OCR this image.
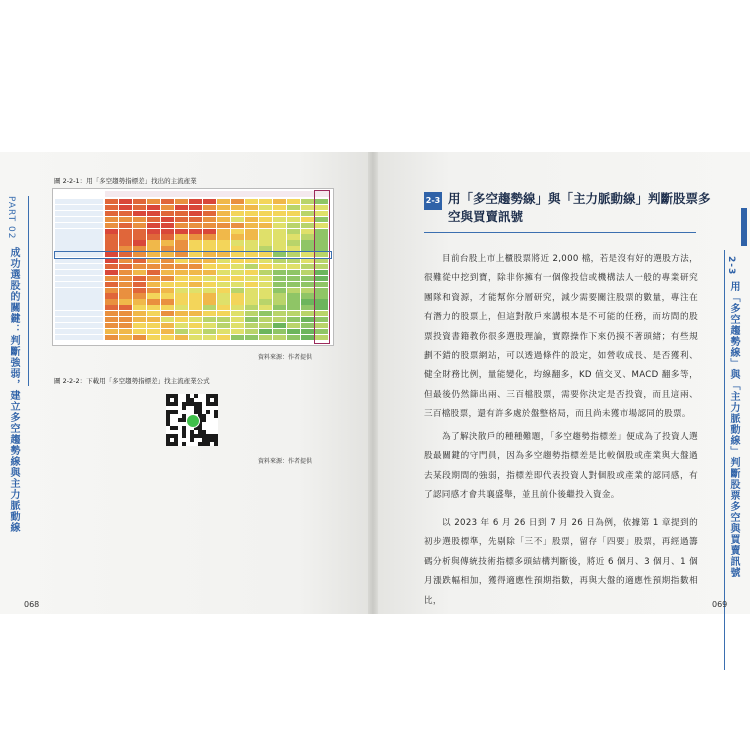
PART 02
成功選股的關鍵：判斷強弱，建立多空趨勢線與主力脈動線
圖 2-2-1：用「多空趨勢指標差」找出的主流產業
資料來源：作者提供
圖 2-2-2：下載用「多空趨勢指標差」找主流產業公式
資料來源：作者提供
068
2-3 用「多空趨勢線」與「主力脈動線」判斷股票多空與買賣訊號

目前台股上市上櫃股票將近 2,000 檔，若是沒有好的選股方法，很難從中挖到寶，除非你擁有一個像投信或機構法人一般的專業研究團隊和資源，才能幫你分層研究，減少需要關注股票的數量，專注在有潛力的股票上，但這對散戶來講根本是不可能的任務，而坊間的股票投資書籍教你很多選股理論，實際操作下來仍摸不著頭緒；有些規劃不錯的股票網站，可以透過條件的設定，如營收成長、是否獲利、健全財務比例，量能變化，均線翻多，KD 值交叉、MACD 翻多等，但最後仍然篩出兩、三百檔股票，需要你決定是否投資，而且這兩、三百檔股票，還有許多處於盤整格局，而且尚未獲市場認同的股票。

為了解決散戶的種種難題，「多空趨勢指標差」便成為了投資人選股最關鍵的守門員，因為多空趨勢指標差是比較個股或產業與大盤過去某段期間的強弱，指標差即代表投資人對個股或產業的認同感，有了認同感才會共襄盛舉，並且前仆後繼投入資金。

以 2023 年 6 月 26 日到 7 月 26 日為例，依據第 1 章提到的初步選股標準，先剔除「三不」股票，留存「四要」股票，再經過籌碼分析與傳統技術指標多頭結構判斷後，將近 6 個月、3 個月、1 個月漲跌幅相加，獲得適應性預期指數，再與大盤的適應性預期指數相比，

2-3
用「多空趨勢線」與「主力脈動線」判斷股票多空與買賣訊號
069
